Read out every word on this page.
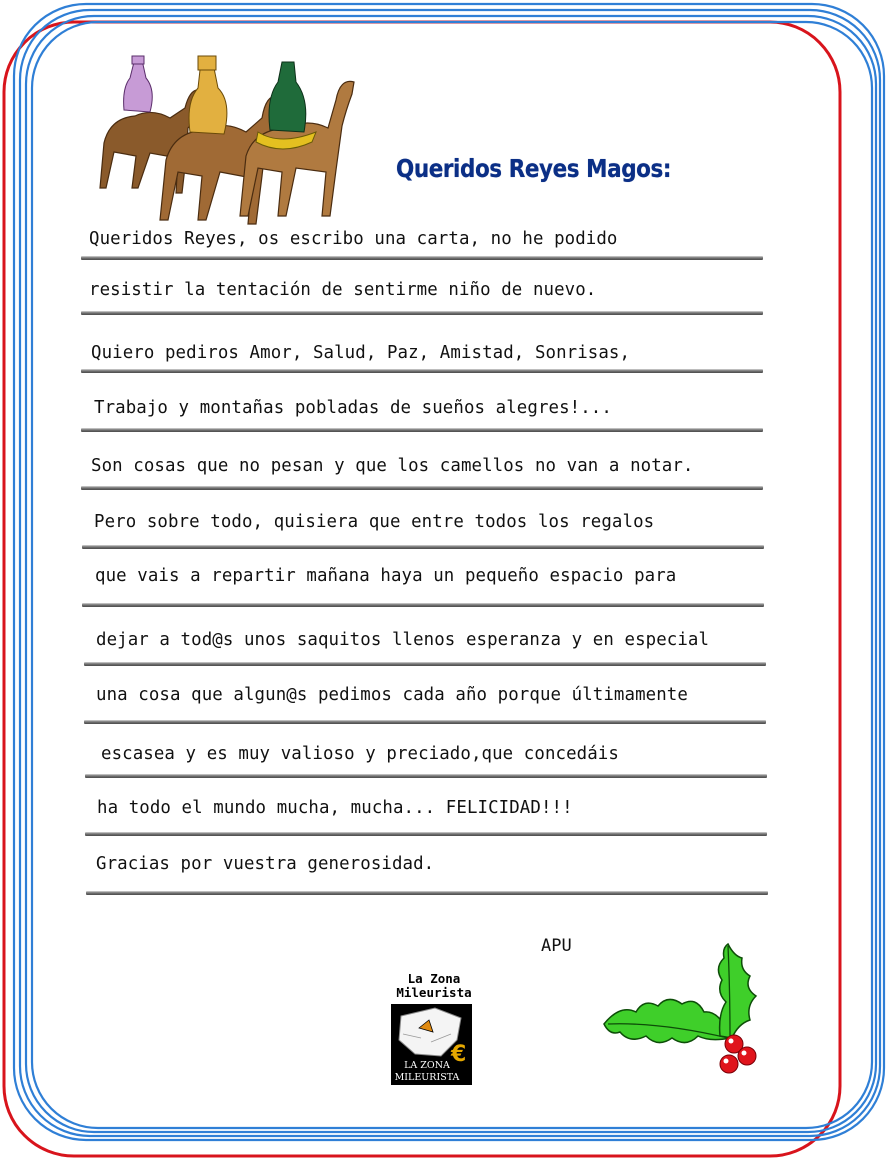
Queridos Reyes Magos:
Queridos Reyes, os escribo una carta, no he podido
resistir la tentación de sentirme niño de nuevo.
Quiero pediros Amor, Salud, Paz, Amistad, Sonrisas,
Trabajo y montañas pobladas de sueños alegres!...
Son cosas que no pesan y que los camellos no van a notar.
Pero sobre todo, quisiera que entre todos los regalos
que vais a repartir mañana haya un pequeño espacio para
dejar a tod@s unos saquitos llenos esperanza y en especial
una cosa que algun@s pedimos cada año porque últimamente
escasea y es muy valioso y preciado,que concedáis
ha todo el mundo mucha, mucha... FELICIDAD!!!
Gracias por vuestra generosidad.
APU
La Zona
Mileurista
€
LA ZONA
MILEURISTA
